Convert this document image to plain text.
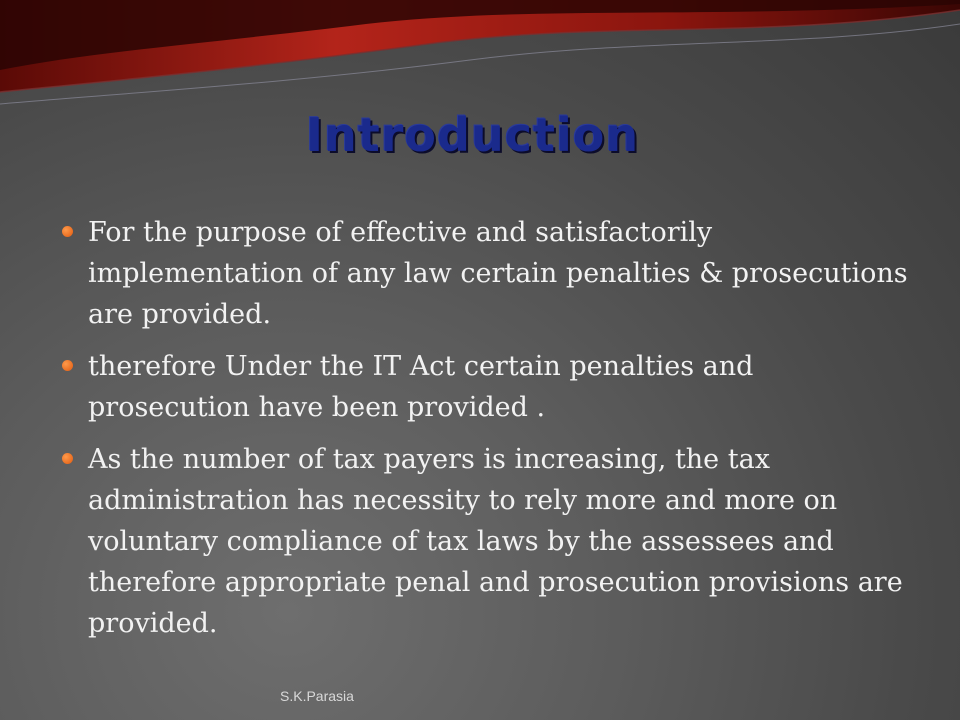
Introduction
For the purpose of effective and satisfactorily implementation of any law certain penalties & prosecutions are provided.
therefore Under the IT Act certain penalties and prosecution have been provided .
As the number of tax payers is increasing, the tax administration has necessity to rely more and more on voluntary compliance of tax laws by the assessees and therefore appropriate penal and prosecution provisions are provided.
S.K.Parasia
